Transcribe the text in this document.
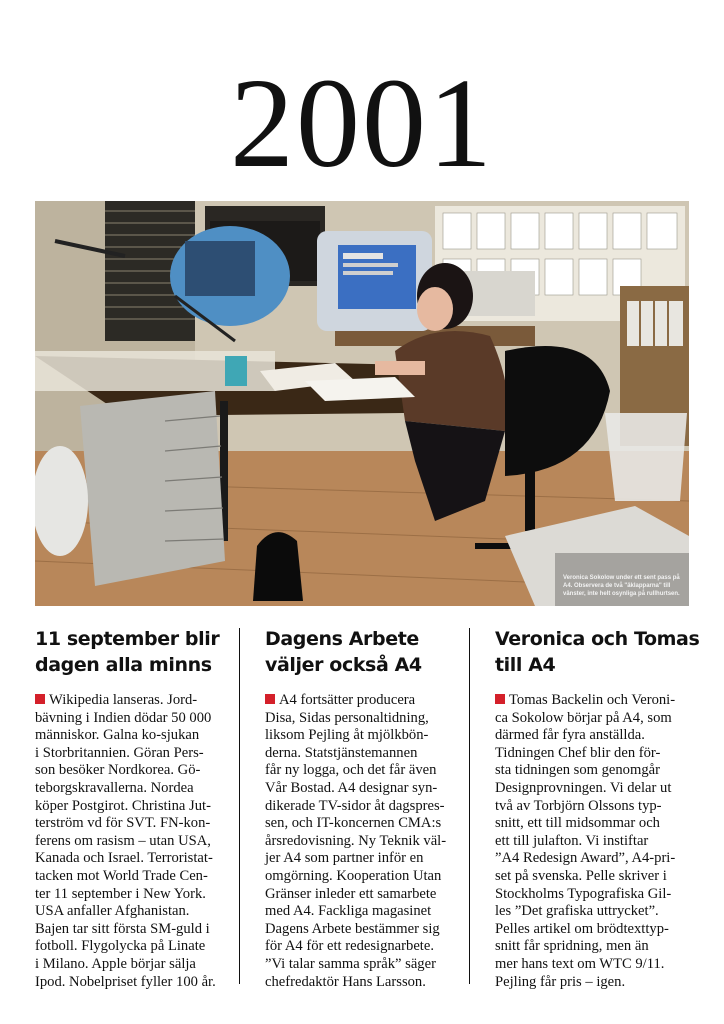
2001
Veronica Sokolow under ett sent pass på A4. Observera de två "äklapparna" till vänster, inte helt osynliga på rullhurtsen.
11 september blir dagen alla minns
Wikipedia lanseras. Jord-
bävning i Indien dödar 50 000
människor. Galna ko-sjukan
i Storbritannien. Göran Pers-
son besöker Nordkorea. Gö-
teborgskravallerna. Nordea
köper Postgirot. Christina Jut-
terström vd för SVT. FN-kon-
ferens om rasism – utan USA,
Kanada och Israel. Terroristat-
tacken mot World Trade Cen-
ter 11 september i New York.
USA anfaller Afghanistan.
Bajen tar sitt första SM-guld i
fotboll. Flygolycka på Linate
i Milano. Apple börjar sälja
Ipod. Nobelpriset fyller 100 år.
Dagens Arbete väljer också A4
A4 fortsätter producera
Disa, Sidas personaltidning,
liksom Pejling åt mjölkbön-
derna. Statstjänstemannen
får ny logga, och det får även
Vår Bostad. A4 designar syn-
dikerade TV-sidor åt dagspres-
sen, och IT-koncernen CMA:s
årsredovisning. Ny Teknik väl-
jer A4 som partner inför en
omgörning. Kooperation Utan
Gränser inleder ett samarbete
med A4. Fackliga magasinet
Dagens Arbete bestämmer sig
för A4 för ett redesignarbete.
”Vi talar samma språk” säger
chefredaktör Hans Larsson.
Veronica och Tomas till A4
Tomas Backelin och Veroni-
ca Sokolow börjar på A4, som
därmed får fyra anställda.
Tidningen Chef blir den för-
sta tidningen som genomgår
Designprovningen. Vi delar ut
två av Torbjörn Olssons typ-
snitt, ett till midsommar och
ett till julafton. Vi instiftar
”A4 Redesign Award”, A4-pri-
set på svenska. Pelle skriver i
Stockholms Typografiska Gil-
les ”Det grafiska uttrycket”.
Pelles artikel om brödtexttyp-
snitt får spridning, men än
mer hans text om WTC 9/11.
Pejling får pris – igen.
